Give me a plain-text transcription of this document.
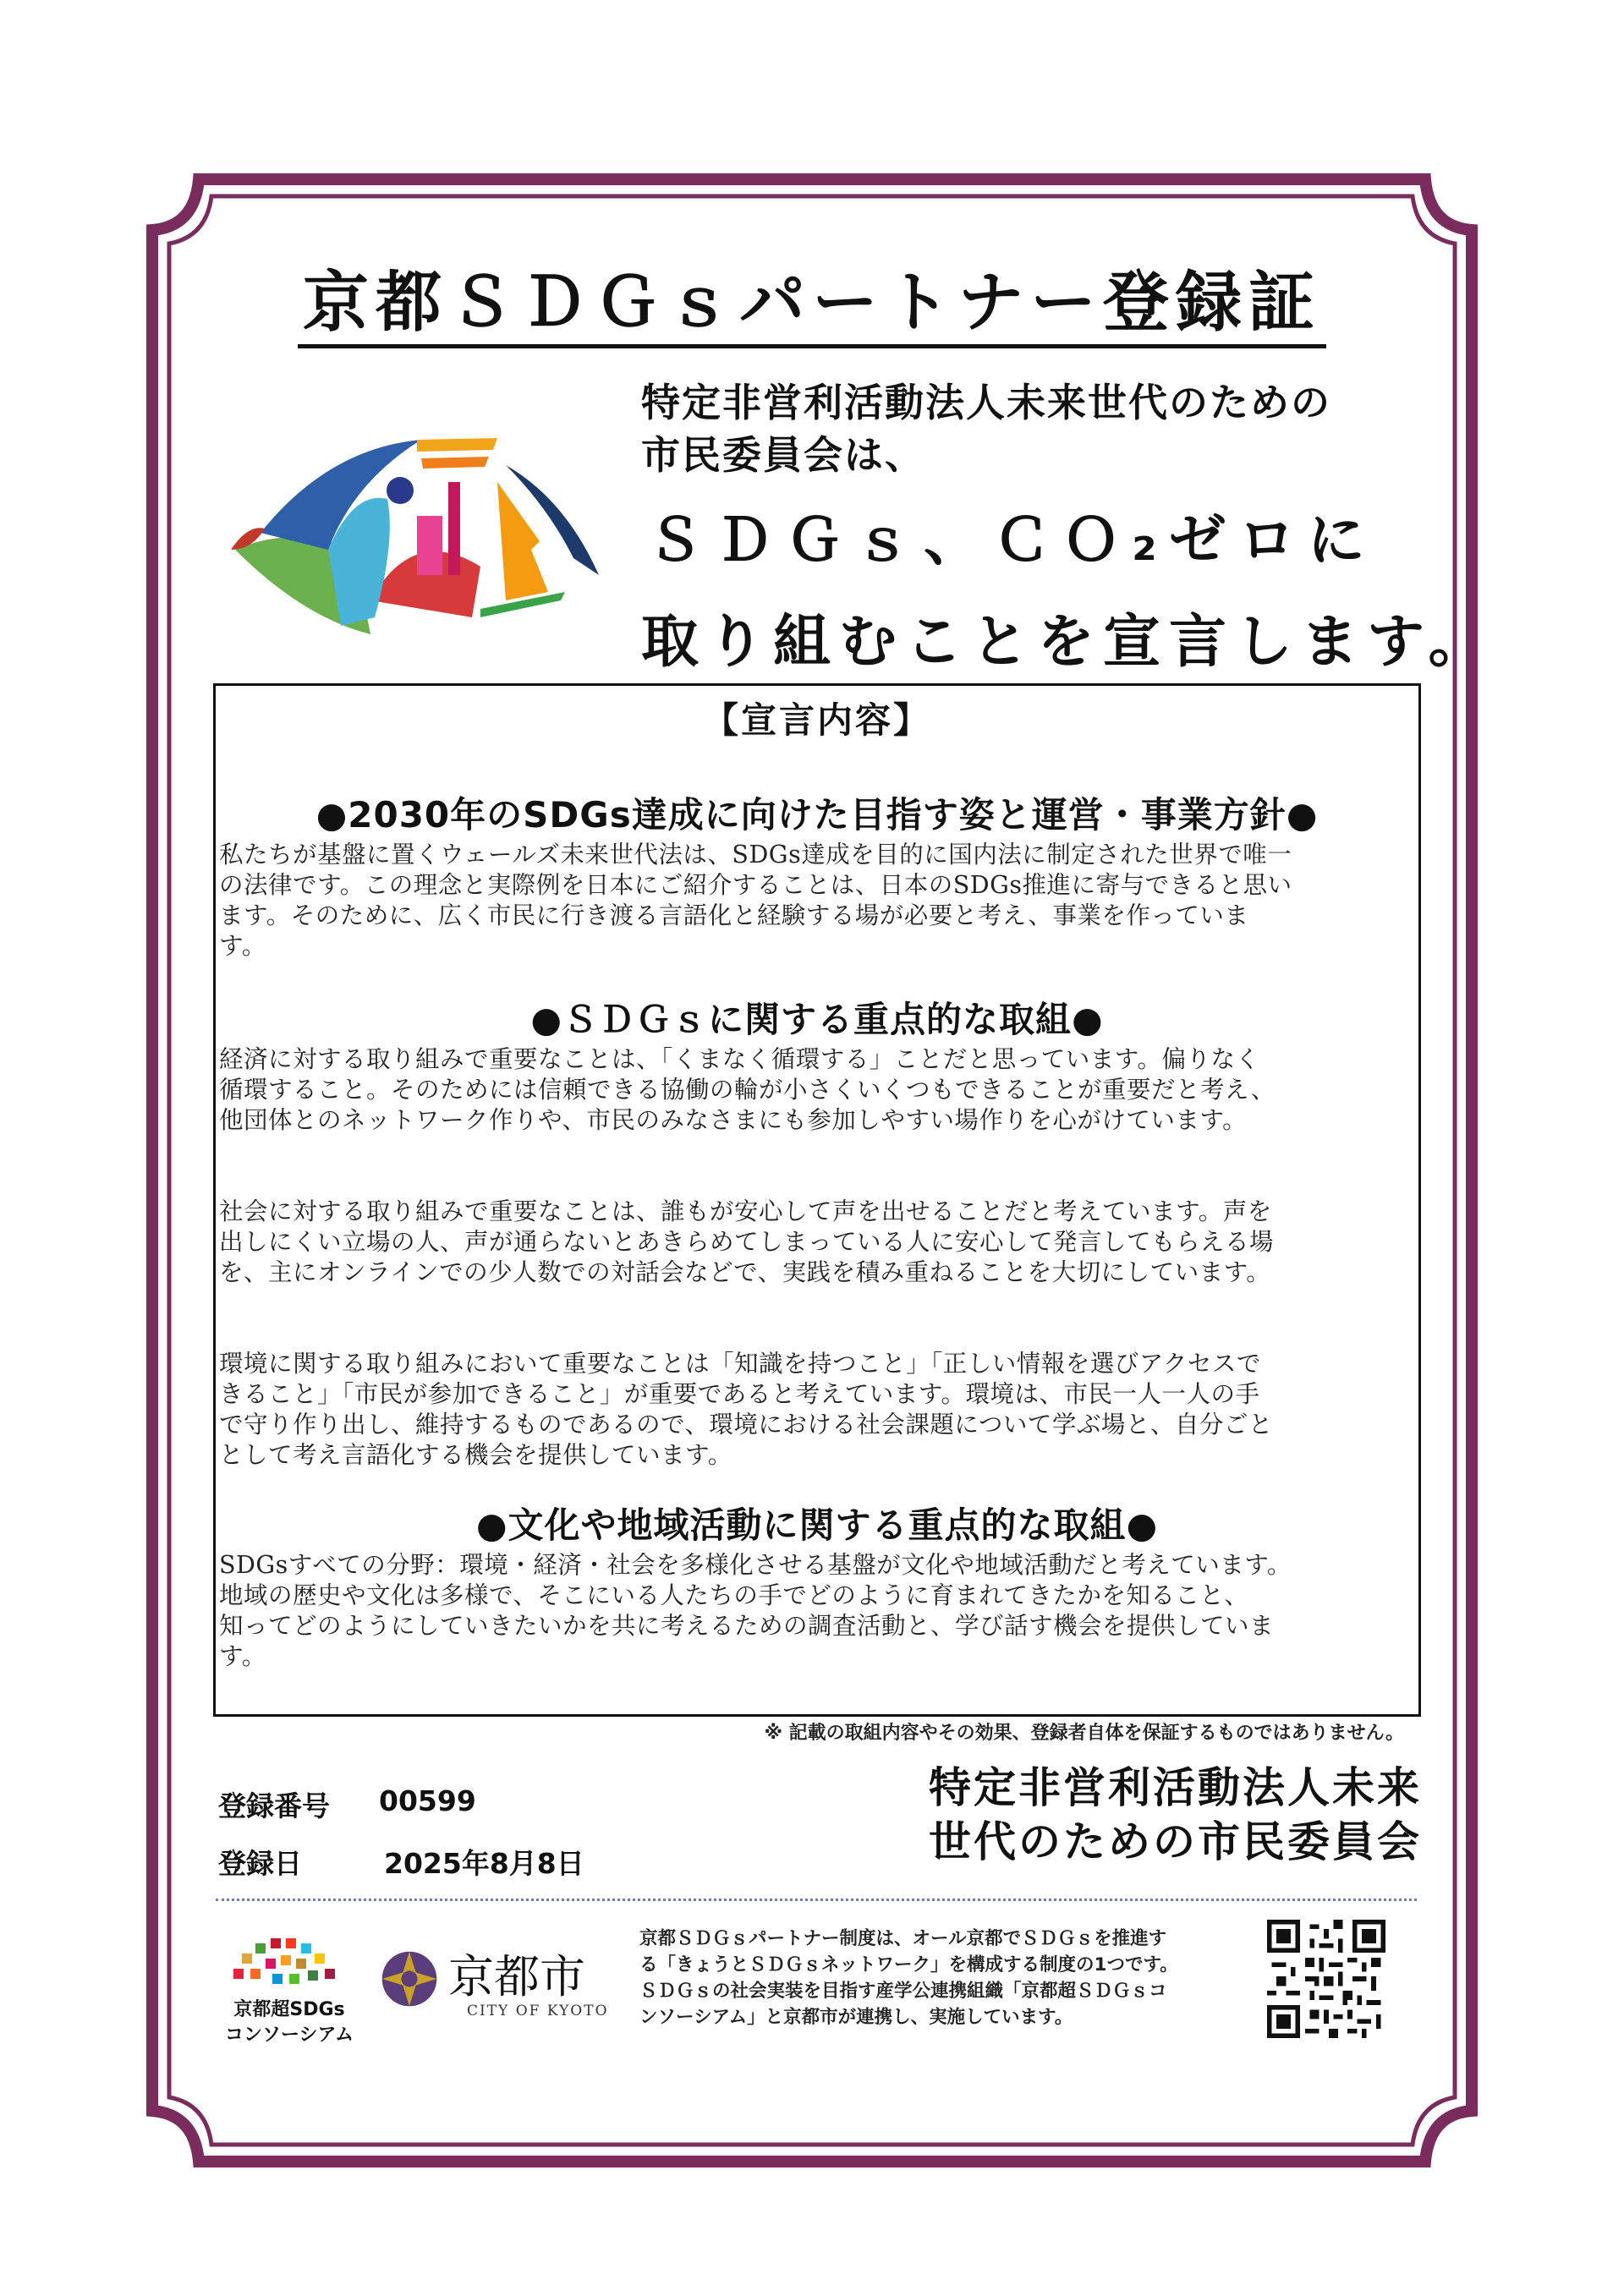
京都ＳＤＧｓパートナー登録証
特定非営利活動法人未来世代のための
市民委員会は、
ＳＤＧｓ、ＣＯ₂ゼロに
取り組むことを宣言します。
【宣言内容】
●2030年のSDGs達成に向けた目指す姿と運営・事業方針●
私たちが基盤に置くウェールズ未来世代法は、SDGs達成を目的に国内法に制定された世界で唯一
の法律です。この理念と実際例を日本にご紹介することは、日本のSDGs推進に寄与できると思い
ます。そのために、広く市民に行き渡る言語化と経験する場が必要と考え、事業を作っていま
す。
●ＳＤＧｓに関する重点的な取組●
経済に対する取り組みで重要なことは、「くまなく循環する」ことだと思っています。偏りなく
循環すること。そのためには信頼できる協働の輪が小さくいくつもできることが重要だと考え、
他団体とのネットワーク作りや、市民のみなさまにも参加しやすい場作りを心がけています。
社会に対する取り組みで重要なことは、誰もが安心して声を出せることだと考えています。声を
出しにくい立場の人、声が通らないとあきらめてしまっている人に安心して発言してもらえる場
を、主にオンラインでの少人数での対話会などで、実践を積み重ねることを大切にしています。
環境に関する取り組みにおいて重要なことは「知識を持つこと」「正しい情報を選びアクセスで
きること」「市民が参加できること」が重要であると考えています。環境は、市民一人一人の手
で守り作り出し、維持するものであるので、環境における社会課題について学ぶ場と、自分ごと
として考え言語化する機会を提供しています。
●文化や地域活動に関する重点的な取組●
SDGsすべての分野：環境・経済・社会を多様化させる基盤が文化や地域活動だと考えています。
地域の歴史や文化は多様で、そこにいる人たちの手でどのように育まれてきたかを知ること、
知ってどのようにしていきたいかを共に考えるための調査活動と、学び話す機会を提供していま
す。
※ 記載の取組内容やその効果、登録者自体を保証するものではありません。
登録番号 00599
登録日	2025年8月8日
特定非営利活動法人未来
世代のための市民委員会
京都超SDGs
コンソーシアム
京都市
CITY OF KYOTO
京都ＳＤＧｓパートナー制度は、オール京都でＳＤＧｓを推進す
る「きょうとＳＤＧｓネットワーク」を構成する制度の1つです。
ＳＤＧｓの社会実装を目指す産学公連携組織「京都超ＳＤＧｓコ
ンソーシアム」と京都市が連携し、実施しています。
